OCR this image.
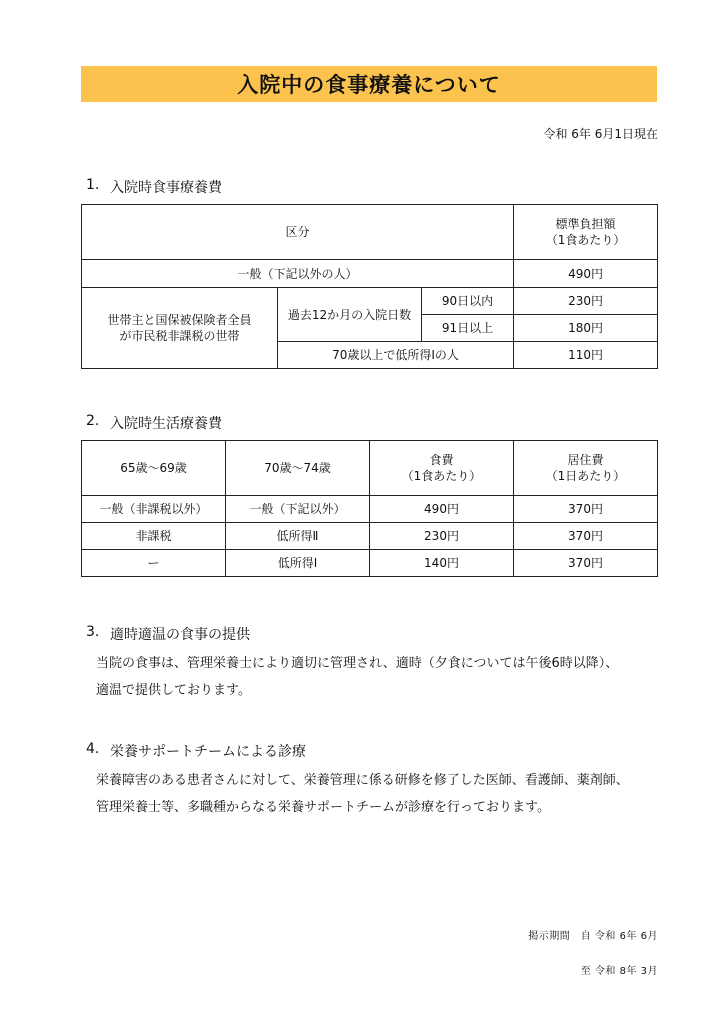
入院中の食事療養について
令和 6年 6月1日現在
1. 入院時食事療養費
区分			標準負担額
（1食あたり）

一般（下記以外の人）			490円

世帯主と国保被保険者全員
が市民税非課税の世帯	過去12か月の入院日数	90日以内	230円
		91日以上	180円
	70歳以上で低所得Ⅰの人		110円
2. 入院時生活療養費
65歳～69歳	70歳～74歳	食費
（1食あたり）	居住費
（1日あたり）

一般（非課税以外）	一般（下記以外）	490円	370円
非課税	低所得Ⅱ	230円	370円
ー	低所得Ⅰ	140円	370円
3. 適時適温の食事の提供
当院の食事は、管理栄養士により適切に管理され、適時（夕食については午後6時以降）、
適温で提供しております。
4. 栄養サポートチームによる診療
栄養障害のある患者さんに対して、栄養管理に係る研修を修了した医師、看護師、薬剤師、
管理栄養士等、多職種からなる栄養サポートチームが診療を行っております。
掲示期間　自 令和 6年 6月
至 令和 8年 3月
